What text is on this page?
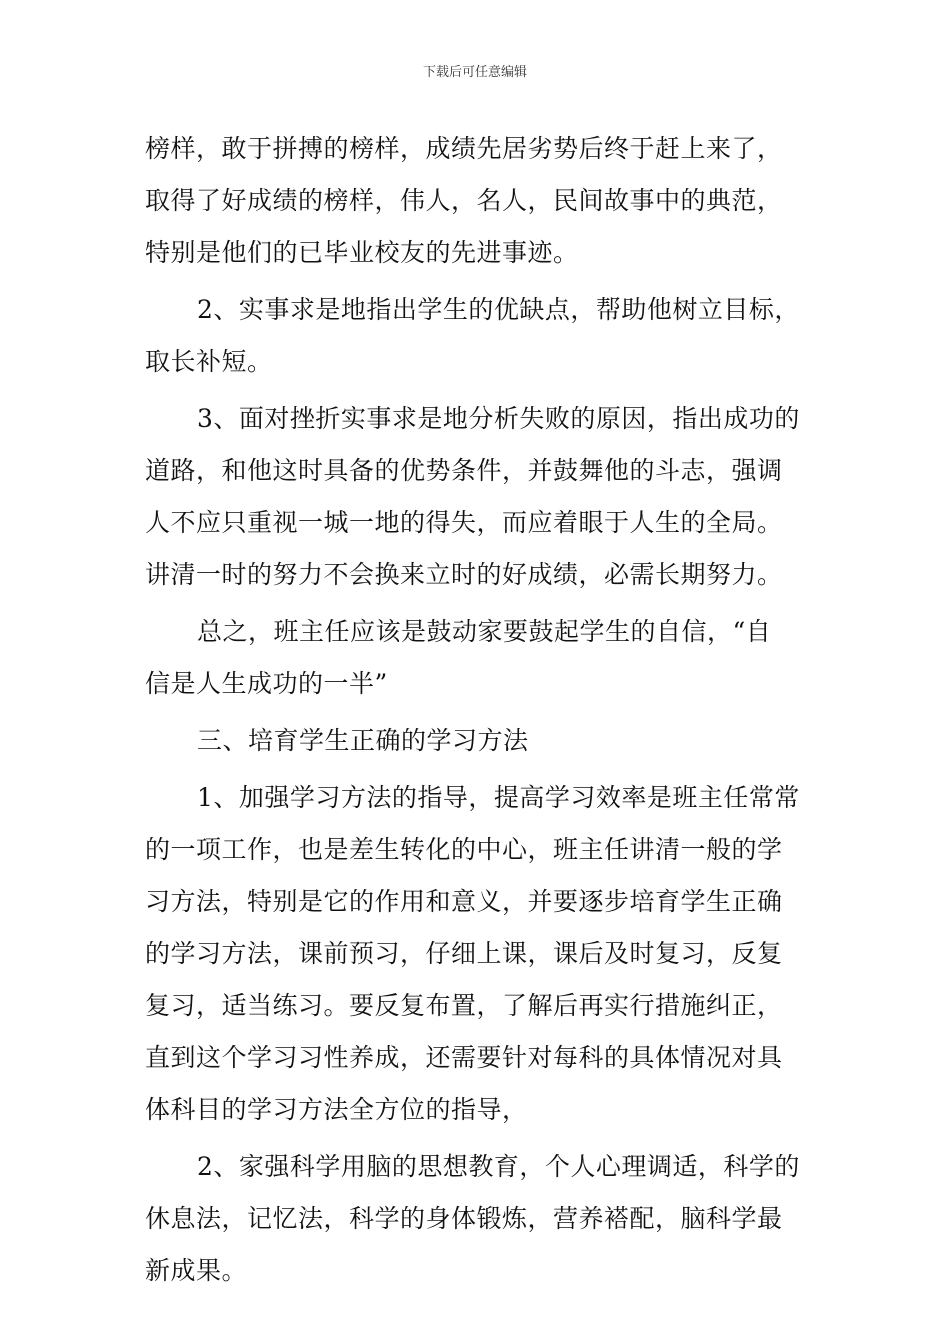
下载后可任意编辑
榜样，敢于拼搏的榜样，成绩先居劣势后终于赶上来了，
取得了好成绩的榜样，伟人，名人，民间故事中的典范，
特别是他们的已毕业校友的先进事迹。
2、实事求是地指出学生的优缺点，帮助他树立目标，
取长补短。
3、面对挫折实事求是地分析失败的原因，指出成功的
道路，和他这时具备的优势条件，并鼓舞他的斗志，强调
人不应只重视一城一地的得失，而应着眼于人生的全局。
讲清一时的努力不会换来立时的好成绩，必需长期努力。
总之，班主任应该是鼓动家要鼓起学生的自信，“自
信是人生成功的一半”
三、培育学生正确的学习方法
1、加强学习方法的指导，提高学习效率是班主任常常
的一项工作，也是差生转化的中心，班主任讲清一般的学
习方法，特别是它的作用和意义，并要逐步培育学生正确
的学习方法，课前预习，仔细上课，课后及时复习，反复
复习，适当练习。要反复布置，了解后再实行措施纠正，
直到这个学习习性养成，还需要针对每科的具体情况对具
体科目的学习方法全方位的指导，
2、家强科学用脑的思想教育，个人心理调适，科学的
休息法，记忆法，科学的身体锻炼，营养褡配，脑科学最
新成果。
